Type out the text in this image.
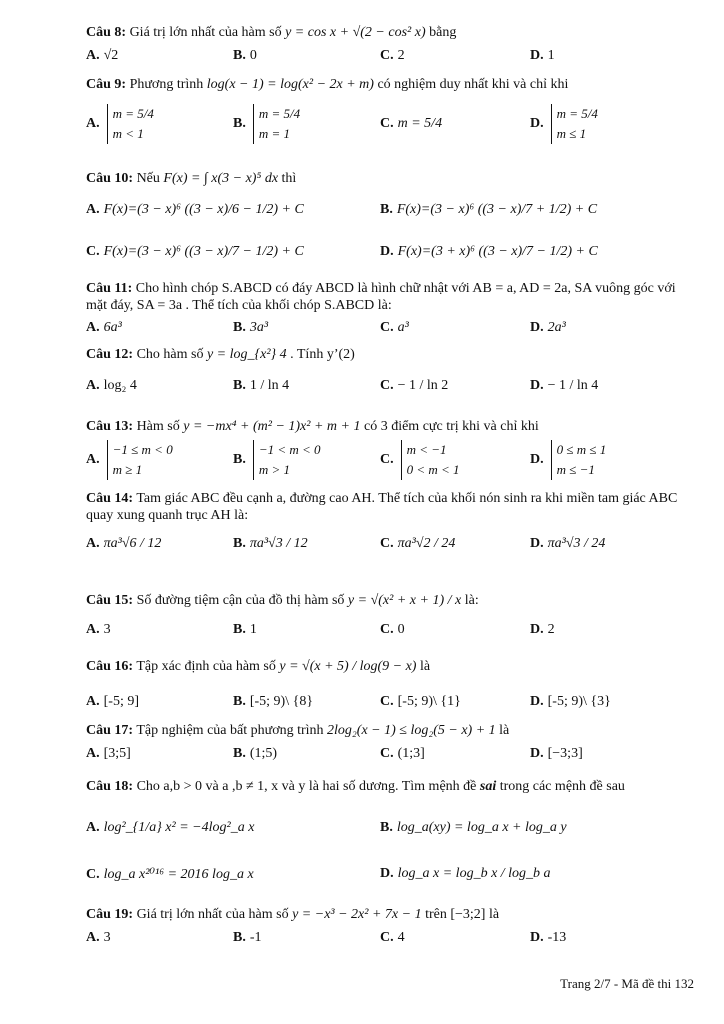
Câu 8: Giá trị lớn nhất của hàm số y = cos x + √(2 − cos² x) bằng
A. √2	B. 0	C. 2	D. 1
Câu 9: Phương trình log(x − 1) = log(x² − 2x + m) có nghiệm duy nhất khi và chỉ khi
A.
m = 5/4
m < 1
B.
m = 5/4
m = 1
C. m = 5/4	D.
m = 5/4
m ≤ 1
Câu 10: Nếu F(x) = ∫ x(3 − x)⁵ dx thì
A. F(x)=(3 − x)⁶ ((3 − x)/6 − 1/2) + C	B. F(x)=(3 − x)⁶ ((3 − x)/7 + 1/2) + C
C. F(x)=(3 − x)⁶ ((3 − x)/7 − 1/2) + C	D. F(x)=(3 + x)⁶ ((3 − x)/7 − 1/2) + C
Câu 11: Cho hình chóp S.ABCD có đáy ABCD là hình chữ nhật với AB = a, AD = 2a, SA vuông góc với mặt đáy, SA = 3a . Thể tích của khối chóp S.ABCD là:
A. 6a³	B. 3a³	C. a³	D. 2a³
Câu 12: Cho hàm số y = log_{x²} 4 . Tính y’(2)
A. log₂ 4	B. 1 / ln 4	C. − 1 / ln 2	D. − 1 / ln 4
Câu 13: Hàm số y = −mx⁴ + (m² − 1)x² + m + 1 có 3 điểm cực trị khi và chỉ khi
A.
−1 ≤ m < 0
m ≥ 1
B.
−1 < m < 0
m > 1
C.
m < −1
0 < m < 1
D.
0 ≤ m ≤ 1
m ≤ −1
Câu 14: Tam giác ABC đều cạnh a, đường cao AH. Thể tích của khối nón sinh ra khi miền tam giác ABC quay xung quanh trục AH là:
A. πa³√6 / 12	B. πa³√3 / 12	C. πa³√2 / 24	D. πa³√3 / 24
Câu 15: Số đường tiệm cận của đồ thị hàm số y = √(x² + x + 1) / x là:
A. 3	B. 1	C. 0	D. 2
Câu 16: Tập xác định của hàm số y = √(x + 5) / log(9 − x) là
A. [-5; 9]	B. [-5; 9)\ {8}	C. [-5; 9)\ {1}	D. [-5; 9)\ {3}
Câu 17: Tập nghiệm của bất phương trình 2log₂(x − 1) ≤ log₂(5 − x) + 1 là
A. [3;5]	B. (1;5)	C. (1;3]	D. [−3;3]
Câu 18: Cho a,b > 0 và a ,b ≠ 1, x và y là hai số dương. Tìm mệnh đề sai trong các mệnh đề sau
A. log²_{1/a} x² = −4log²_a x	B. log_a(xy) = log_a x + log_a y
C. log_a x²⁰¹⁶ = 2016 log_a x	D. log_a x = log_b x / log_b a
Câu 19: Giá trị lớn nhất của hàm số y = −x³ − 2x² + 7x − 1 trên [−3;2] là
A. 3	B. -1	C. 4	D. -13
Trang 2/7 - Mã đề thi 132
